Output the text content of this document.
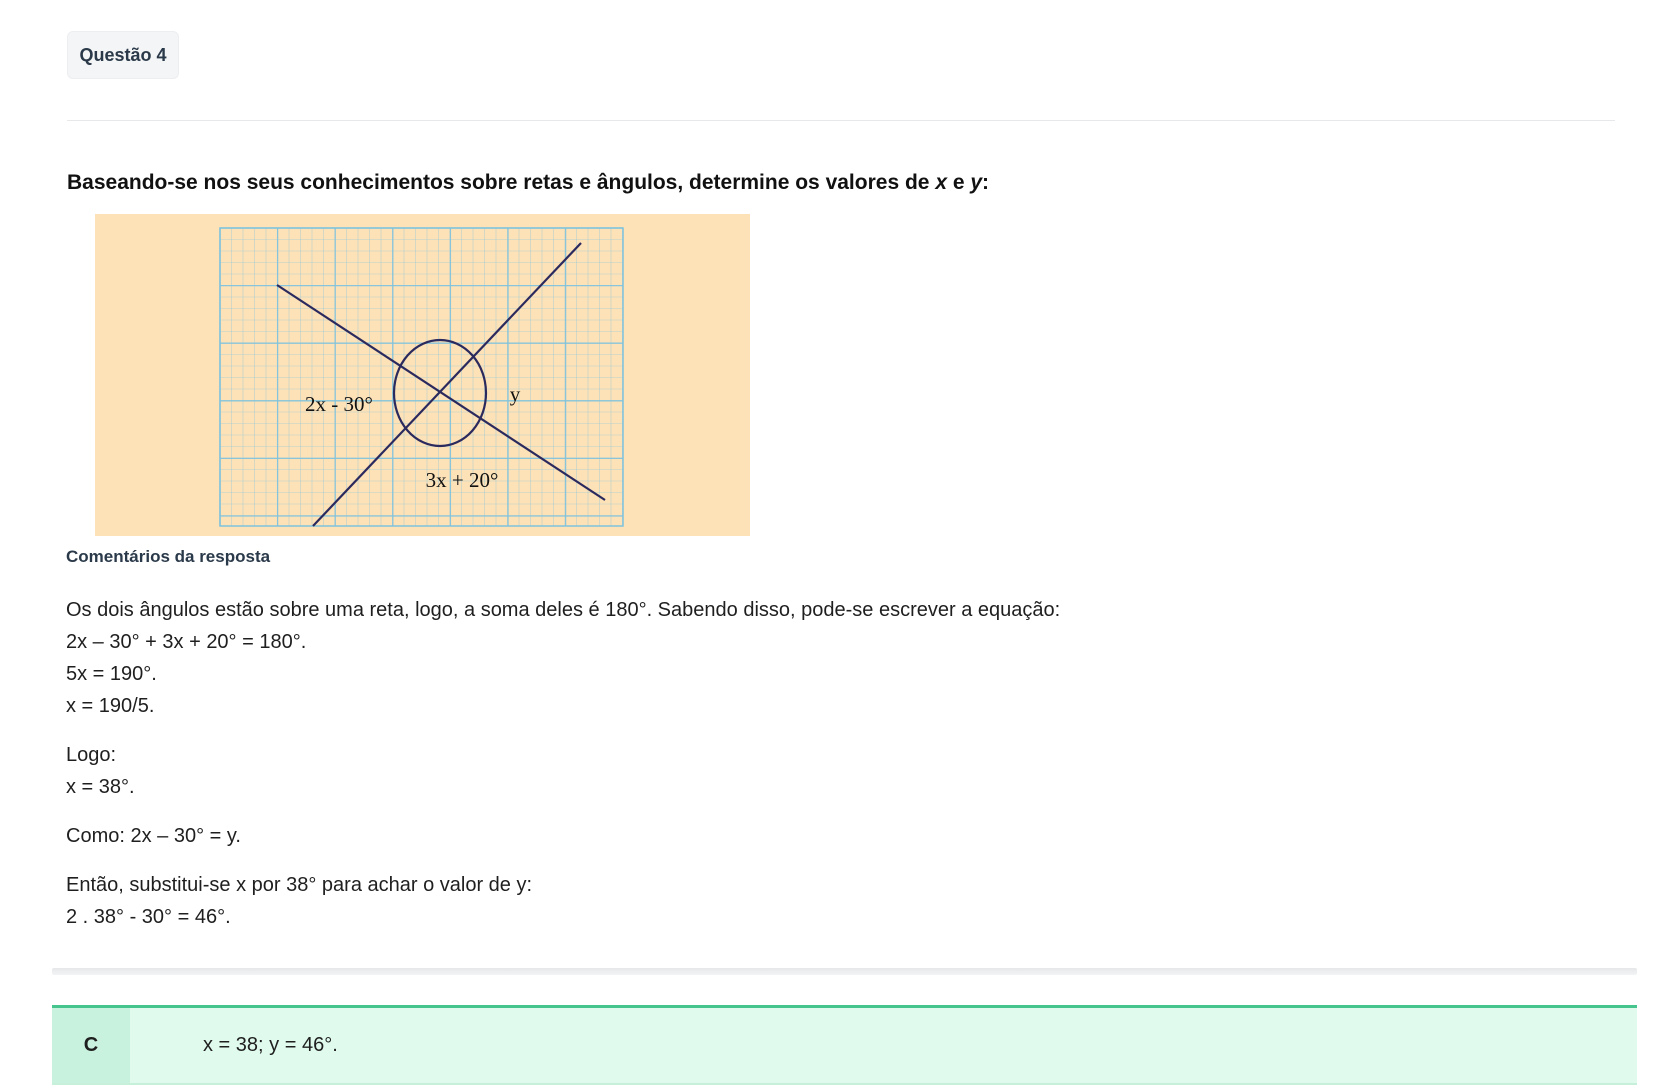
Questão 4
Baseando-se nos seus conhecimentos sobre retas e ângulos, determine os valores de x e y:
2x - 30°	y
3x + 20°
Comentários da resposta
Os dois ângulos estão sobre uma reta, logo, a soma deles é 180°. Sabendo disso, pode-se escrever a equação:
2x – 30° + 3x + 20° = 180°.
5x = 190°.
x = 190/5.
Logo:
x = 38°.
Como: 2x – 30° = y.
Então, substitui-se x por 38° para achar o valor de y:
2 . 38° - 30° = 46°.
C	x = 38; y = 46°.
